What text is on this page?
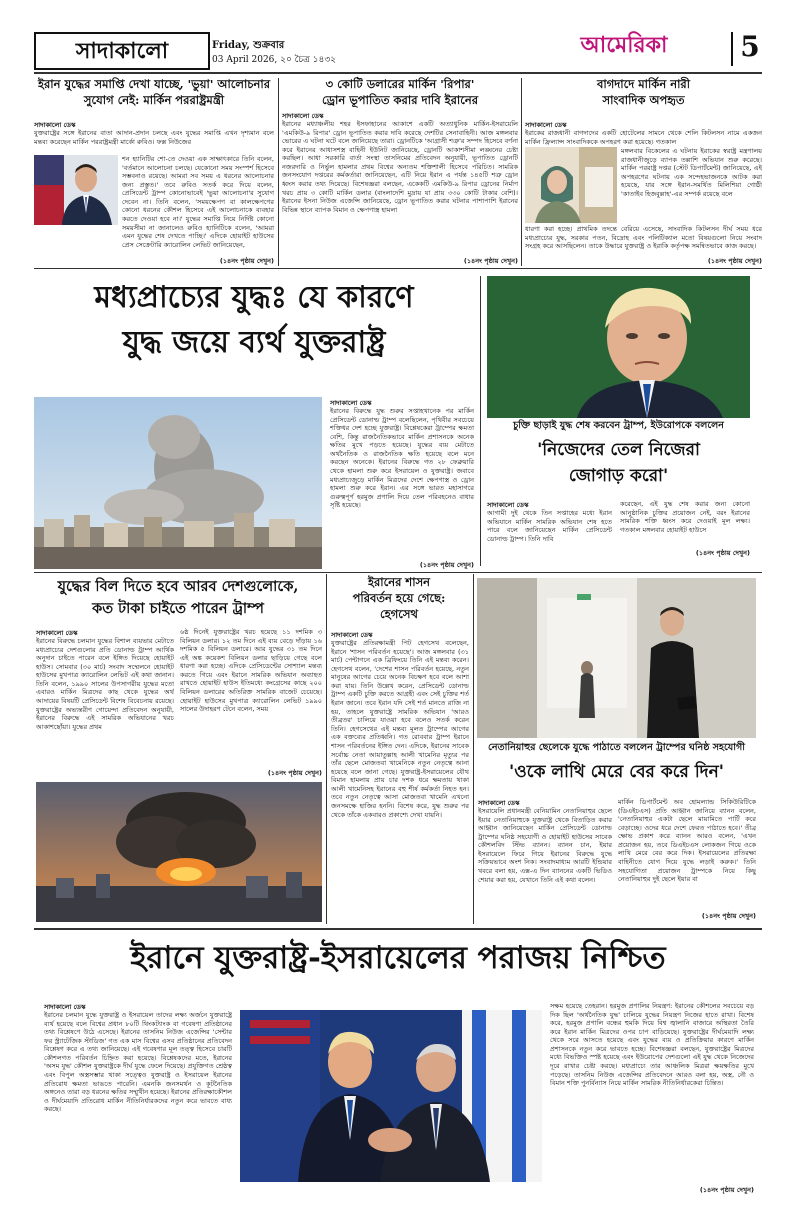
সাদাকালো	Friday, শুক্রবার
03 April 2026, ২০ চৈত্র ১৪৩২
আমেরিকা	5
ইরান যুদ্ধের সমাপ্তি দেখা যাচ্ছে, 'ভুয়া' আলোচনার
সুযোগ নেই: মার্কিন পররাষ্ট্রমন্ত্রী
সাদাকালো ডেস্ক
যুক্তরাষ্ট্রের সঙ্গে ইরানের বাতা আদান-প্রদান চলছে এবং যুদ্ধের সমাপ্তি এখন দৃশ্যমান বলে মন্তব্য করেছেন মার্কিন পররাষ্ট্রমন্ত্রী মার্কো রুবিও। ফক্স নিউজের
শন হ্যানিটির শো-তে দেওয়া এক সাক্ষাৎকারে তিনি বলেন, 'বর্তমানে আলোচনা চলছে। যেকোনো সময় সংস্পর্শ হিসেবে সম্ভবনাও রয়েছে। আমরা সব সময় এ ধরনের আলোচনার জন্য প্রস্তুত।' তবে রুবিও সতর্ক করে দিয়ে বলেন, প্রেসিডেন্ট ট্রাম্প কোনোভাবেই 'ভুয়া আলোচনা'র সুযোগ দেবেন না। তিনি বলেন, 'সময়ক্ষেপণ বা কালক্ষেপণের কোনো ধরনের কৌশল হিসেবে এই আলোচনাকে ব্যবহার করতে দেওয়া হবে না।' যুদ্ধের সমাপ্তি নিয়ে নির্দিষ্ট কোনো সময়সীমা না জানালেও রুবিও হ্যানিটিকে বলেন, 'আমরা এমন যুদ্ধের শেষ দেখতে পাচ্ছি।' এদিকে হোয়াইট হাউসের প্রেস সেক্রেটারি ক্যারোলিন লেভিট জানিয়েছেন,
(১৪নং পৃষ্ঠায় দেখুন)
৩ কোটি ডলারের মার্কিন 'রিপার'
ড্রোন ভূপাতিত করার দাবি ইরানের
সাদাকালো ডেস্ক
ইরানের মধ্যাঞ্চলীয় শহর ইসফাহানের আকাশে একটি অত্যাধুনিক মার্কিন-ইসরায়েলি 'এমকিউ-৯ রিপার' ড্রোন ভূপাতিত করার দাবি করেছে দেশটির সেনাবাহিনী। আজ মঙ্গলবার ভোরের এ ঘটনা ঘটে বলে জানিয়েছে তারা। ড্রোনটিকে 'আগ্রাসী শত্রু'র সম্পদ হিসেবে বর্ণনা করে ইরানের আধাসশস্ত্র বাহিনী ইউনিট জানিয়েছে, ড্রোনটি আকাশসীমা লঙ্ঘনের চেষ্টা করছিল। আধা সরকারি বার্তা সংস্থা তাসনিমের প্রতিবেদন অনুযায়ী, ভূপাতিত ড্রোনটি নজরদারি ও নির্ভুল হামলার প্রথম বিশ্বের অন্যতম শক্তিশালী হিসেবে পরিচিত। সামরিক জনসংযোগ দপ্তরের কর্মকর্তারা জানিয়েছেন, এটি নিয়ে ইরান এ পর্যন্ত ১৪৫টি শত্রু ড্রোন ধ্বংস করার তথ্য দিয়েছে। বিশেষজ্ঞরা বলছেন, একেকটি এমকিউ-৯ রিপার ড্রোনের নির্মাণ খরচ প্রায় ৩ কোটি মার্কিন ডলার (বাংলাদেশি মুদ্রায় যা প্রায় ৩৩০ কোটি টাকার বেশি)। ইরানের ইসনা নিউজ এজেন্সি জানিয়েছে, ড্রোন ভূপাতিত করার ঘটনার পাশাপাশি ইরানের বিভিন্ন স্থানে ব্যাপক বিমান ও ক্ষেপণাস্ত্র হামলা
(১৪নং পৃষ্ঠায় দেখুন)
বাগদাদে মার্কিন নারী
সাংবাদিক অপহৃত
সাদাকালো ডেস্ক
ইরাকের রাজধানী বাগদাদের একটি হোটেলের সামনে থেকে শেলি কিটলসন নামে একজন মার্কিন ফ্রিল্যান্স সাংবাদিককে অপহরণ করা হয়েছে। গতকাল
মঙ্গলবার বিকেলের এ ঘটনায় ইরাকের স্বরাষ্ট্র মন্ত্রণালয় রাজধানীজুড়ে ব্যাপক তল্লাশি অভিযান শুরু করেছে। মার্কিন পররাষ্ট্র দপ্তর (স্টেট ডিপার্টমেন্ট) জানিয়েছে, এই অপহরণের ঘটনায় এক সন্দেহভাজনকে আটক করা হয়েছে, যার সঙ্গে ইরান-সমর্থিত মিলিশিয়া গোষ্ঠী 'কাতাইব হিজবুল্লাহ'-এর সম্পর্ক রয়েছে বলে
ধারণা করা হচ্ছে। প্রাথমিক তদন্তে বেরিয়ে এসেছে, সাংবাদিক কিটলসন দীর্ঘ সময় ধরে মধ্যপ্রাচ্যের যুদ্ধ, সরকার পতন, বিদ্রোহ এবং পলিটিক্যাল মতো বিষয়গুলো নিয়ে সংবাদ সংগ্রহ করে আসছিলেন। তাকে উদ্ধারে যুক্তরাষ্ট্র ও ইরাকি কর্তৃপক্ষ সমন্বিতভাবে কাজ করছে।
(১৪নং পৃষ্ঠায় দেখুন)
মধ্যপ্রাচ্যের যুদ্ধঃ যে কারণে
যুদ্ধ জয়ে ব্যর্থ যুক্তরাষ্ট্র
সাদাকালো ডেস্ক
ইরানের বিরুদ্ধে যুদ্ধ শুরুর সপ্তাহখানেক পর মার্কিন প্রেসিডেন্ট ডোনাল্ড ট্রাম্প বলেছিলেন, পৃথিবীর সবচেয়ে শক্তিধর দেশ হচ্ছে যুক্তরাষ্ট্র। বিশ্লেষকেরা ট্রাম্পের ক্ষমতা বেশি, কিন্তু রাজনৈতিকভাবে মার্কিন প্রশাসনকে অনেক ক্ষতির মুখে পড়তে হয়েছে। যুদ্ধের ব্যয় মেটাতে অর্থনৈতিক ও রাজনৈতিক ক্ষতি হয়েছে বলে মনে করছেন অনেকে। ইরানের বিরুদ্ধে গত ২৮ ফেব্রুয়ারি থেকে হামলা শুরু করে ইসরায়েল ও যুক্তরাষ্ট্র। জবাবে মধ্যপ্রাচ্যজুড়ে মার্কিন মিত্রদের দেশে ক্ষেপণাস্ত্র ও ড্রোন হামলা শুরু করে ইরান। এর সঙ্গে ভারত মহাসাগরে গুরুত্বপূর্ণ হরমুজ প্রণালি দিয়ে তেল পরিবহনেও বাধার সৃষ্টি হয়েছে।
(১৪নং পৃষ্ঠায় দেখুন)
চুক্তি ছাড়াই যুদ্ধ শেষ করবেন ট্রাম্প, ইউরোপকে বললেন
'নিজেদের তেল নিজেরা
জোগাড় করো'
সাদাকালো ডেস্ক
আগামী দুই থেকে তিন সপ্তাহের মধ্যে ইরান অভিযানে মার্কিন সামরিক অভিযান শেষ হতে পারে বলে জানিয়েছেন মার্কিন প্রেসিডেন্ট ডোনাল্ড ট্রাম্প। তিনি দাবি
করেছেন, এই যুদ্ধ শেষ করার জন্য কোনো আনুষ্ঠানিক চুক্তির প্রয়োজন নেই, বরং ইরানের সামরিক শক্তি ধ্বংস করে দেওয়াই মূল লক্ষ্য। গতকাল মঙ্গলবার হোয়াইট হাউসে
(১৪নং পৃষ্ঠায় দেখুন)
যুদ্ধের বিল দিতে হবে আরব দেশগুলোকে,
কত টাকা চাইতে পারেন ট্রাম্প
সাদাকালো ডেস্ক
ইরানের বিরুদ্ধে চলমান যুদ্ধের বিশাল ব্যয়ভার মেটাতে মধ্যপ্রাচ্যের দেশগুলোর প্রতি ডোনাল্ড ট্রাম্প আর্থিক অনুদান চাইতে পারেন বলে ইঙ্গিত দিয়েছে হোয়াইট হাউস। সোমবার (৩০ মার্চ) সংবাদ সম্মেলনে হোয়াইট হাউসের মুখপাত্র ক্যারোলিন লেভিট এই কথা জানান। তিনি বলেন, ১৯৯০ সালের উপসাগরীয় যুদ্ধের মতো এবারও মার্কিন মিত্রদের কাছ থেকে যুদ্ধের অর্থ আদায়ের বিষয়টি প্রেসিডেন্ট বিশেষ বিবেচনায় রয়েছে। যুক্তরাষ্ট্রের অভ্যন্তরীণ গোয়েন্দা প্রতিবেদন অনুযায়ী, ইরানের বিরুদ্ধে এই সামরিক অভিযানের খরচ আকাশছোঁয়া। যুদ্ধের প্রথম
৬ষ্ঠ দিনেই যুক্তরাষ্ট্রের খরচ হয়েছে ১১ দশমিক ৩ বিলিয়ন ডলার। ১২ তম দিনে এই ব্যয় বেড়ে দাঁড়ায় ১৬ দশমিক ৫ বিলিয়ন ডলারে। আর যুদ্ধের ৩১ তম দিনে এই অঙ্ক কয়েকশ বিলিয়ন ডলার ছাড়িয়ে গেছে বলে ধারণা করা হচ্ছে। এদিকে প্রেসিডেন্টের সোশ্যাল মন্তব্য করতে গিয়ে এবং ইরানে সামরিক অভিযান অব্যাহত রাখতে হোয়াইট হাউস ইতিমধ্যে কংগ্রেসের কাছে ২০০ বিলিয়ন ডলারের অতিরিক্ত সামরিক বাজেট চেয়েছে। হোয়াইট হাউসের মুখপাত্র ক্যারোলিন লেভিট ১৯৯০ সালের উদাহরণ টেনে বলেন, সময়
(১৪নং পৃষ্ঠায় দেখুন)
ইরানের শাসন
পরিবর্তন হয়ে গেছে:
হেগসেথ
সাদাকালো ডেস্ক
যুক্তরাষ্ট্রের প্রতিরক্ষামন্ত্রী পিট হেগসেথ বলেছেন, ইরানে 'শাসন পরিবর্তন হয়েছে'। আজ মঙ্গলবার (৩১ মার্চ) পেন্টাগনে এক ব্রিফিংয়ে তিনি এই মন্তব্য করেন। হেগসেথ বলেন, 'দেশের শাসন পরিবর্তন হয়েছে, নতুন মানুষের আগের চেয়ে অনেক বিচক্ষণ হবে বলে আশা করা যায়। তিনি উল্লেখ করেন, প্রেসিডেন্ট ডোনাল্ড ট্রাম্প একটি চুক্তি করতে আগ্রহী এবং সেই চুক্তির শর্ত ইরান জানে। তবে ইরান যদি সেই শর্ত মানতে রাজি না হয়, তাহলে যুক্তরাষ্ট্রে সামরিক অভিযান 'আরও তীব্রতর' চালিয়ে যাওয়া হবে বলেও সতর্ক করেন তিনি। হেগসেথের এই মন্তব্য মূলত ট্রাম্পের আগের এক বক্তব্যের প্রতিধ্বনি। গত রোববার ট্রাম্প ইরানে শাসন পরিবর্তনের ইঙ্গিত দেন। এদিকে, ইরানের সাবেক সর্বোচ্চ নেতা আয়াতুল্লাহ আলী খামেনির মৃত্যুর পর তাঁর ছেলে মোজতবা খামেনিকে নতুন নেতৃত্বে আনা হয়েছে বলে জানা গেছে। যুক্তরাষ্ট্র-ইসরায়েলের যৌথ বিমান হামলায় প্রায় চার দশক ধরে ক্ষমতায় থাকা আলী খামেনিসহ ইরানের বহু শীর্ষ কর্মকর্তা নিহত হন। তবে নতুন নেতৃত্বে আসা মোজতবা খামেনি এখনো জনসমক্ষে হাজির হননি। বিশেষ করে, যুদ্ধ শুরুর পর থেকে তাঁকে একবারও প্রকাশ্যে দেখা যায়নি।
নেতানিয়াহুর ছেলেকে যুদ্ধে পাঠাতে বললেন ট্রাম্পের ঘনিষ্ঠ সহযোগী
'ওকে লাথি মেরে বের করে দিন'
সাদাকালো ডেস্ক
ইসরায়েলি প্রধানমন্ত্রী বেনিয়ামিন নেতানিয়াহুর ছেলে ইয়ার নেতানিয়াহুকে যুক্তরাষ্ট্র থেকে বিতাড়িত করার আহ্বান জানিয়েছেন মার্কিন প্রেসিডেন্ট ডোনাল্ড ট্রাম্পের ঘনিষ্ঠ সহযোগী ও হোয়াইট হাউসের সাবেক কৌশলবিদ স্টিভ ব্যানন। ব্যানন চান, ইয়ার ইসরায়েলে ফিরে গিয়ে ইরানের বিরুদ্ধে যুদ্ধে সক্রিয়ভাবে অংশ নিক। সংবাদমাধ্যম আরটি ইন্ডিয়ার খবরে বলা হয়, এক্স-এ দিন ব্যাননের একটি ভিডিও শেয়ার করা হয়, যেখানে তিনি এই কথা বলেন।
মার্কিন ডিপার্টমেন্ট অব হোমল্যান্ড সিকিউরিটিকে (ডিএইচএস) প্রতি আহ্বান জানিয়ে ব্যানন বলেন, 'নেতানিয়াহুর একটা ছেলে মায়ামিতে পার্টি করে বেড়াচ্ছে। ওদের ধরে দেশে ফেরত পাঠাতে হবে।' তীব্র ক্ষোভ প্রকাশ করে ব্যানন আরও বলেন, 'এখন প্রয়োজন হয়, তবে ডিএইচএস লোকজন গিয়ে ওকে লাথি মেরে বের করে দিক। ইসরায়েলের প্রতিরক্ষা বাহিনীতে যোগ দিয়ে যুদ্ধে লড়াই করুক।' তিনি সহযোগিতা প্রয়োজন ট্রাম্পকে নিয়ে কিছু নেতানিয়াহুর দুই ছেলে ইয়ার বা
(১৪নং পৃষ্ঠায় দেখুন)
ইরানে যুক্তরাষ্ট্র-ইসরায়েলের পরাজয় নিশ্চিত
সাদাকালো ডেস্ক
ইরানের চলমান যুদ্ধে যুক্তরাষ্ট্র ও ইসরায়েল তাদের লক্ষ্য অর্জনে যুক্তরাষ্ট্রে ব্যর্থ হয়েছে বলে বিশ্বের প্রধান ৮০টি থিংকট্যাংক বা গবেষণা প্রতিষ্ঠানের তথ্য বিশ্লেষণে উঠে এসেছে। ইরানের তাসনিম নিউজ এজেন্সির 'সেন্টার ফর স্ট্র্যাটেজিক স্টাডিজ' গত এক মাস বিশ্বের এসব প্রতিষ্ঠানের প্রতিবেদন বিশ্লেষণ করে এ তথ্য জানিয়েছে। এই গবেষণার মূল তত্ত্ব হিসেবে চারটি কৌশলগত পরিবর্তন চিহ্নিত করা হয়েছে। বিশ্লেষকদের মতে, ইরানের 'অসম যুদ্ধ' কৌশল যুক্তরাষ্ট্রকে দীর্ঘ যুদ্ধে ফেলে দিয়েছে। প্রযুক্তিগত শ্রেষ্ঠত্ব এবং বিপুল অস্ত্রসম্ভার থাকা সত্ত্বেও যুক্তরাষ্ট্র ও ইসরায়েল ইরানের প্রতিরোধ ক্ষমতা ভাঙতে পারেনি। এমনকি জনসমর্থন ও কূটনৈতিক অঙ্গনেও তারা বড় ধরনের ক্ষতির সম্মুখীন হয়েছে। ইরানের প্রতিরক্ষাকৌশল ও দীর্ঘমেয়াদি প্রতিরোধ মার্কিন নীতিনির্ধারকদের নতুন করে ভাবতে বাধ্য করছে।
সক্ষম হয়েছে তেহরান। হরমুজ প্রণালির নিয়ন্ত্রণ: ইরানের কৌশলের সবচেয়ে বড় দিক ছিল 'অর্থনৈতিক যুদ্ধ' চালিয়ে যুদ্ধের নিয়ন্ত্রণ নিজের হাতে রাখা। বিশেষ করে, হরমুজ প্রণালি বন্ধের হুমকি দিয়ে বিশ্ব জ্বালানি বাজারে অস্থিরতা তৈরি করে ইরান মার্কিন মিত্রদের ওপর চাপ বাড়িয়েছে। যুক্তরাষ্ট্রের দীর্ঘমেয়াদি লক্ষ্য থেকে সরে আসতে হয়েছে এবং যুদ্ধের ব্যয় ও প্রতিক্রিয়ার কারণে মার্কিন প্রশাসনকে নতুন করে ভাবতে হচ্ছে। বিশেষজ্ঞরা বলছেন, যুক্তরাষ্ট্রের মিত্রদের মধ্যে বিভক্তিও স্পষ্ট হয়েছে এবং ইউরোপের দেশগুলো এই যুদ্ধ থেকে নিজেদের দূরে রাখার চেষ্টা করছে। মধ্যপ্রাচ্যে তার আঞ্চলিক মিত্ররা ক্ষয়ক্ষতির মুখে পড়েছে। তাসনিম নিউজ এজেন্সির প্রতিবেদনে আরও বলা হয়, অস্ত্র, নৌ ও বিমান শক্তি পুনর্বিন্যাস নিয়ে মার্কিন সামরিক নীতিনির্ধারকেরা চিন্তিত।
(১৪নং পৃষ্ঠায় দেখুন)
